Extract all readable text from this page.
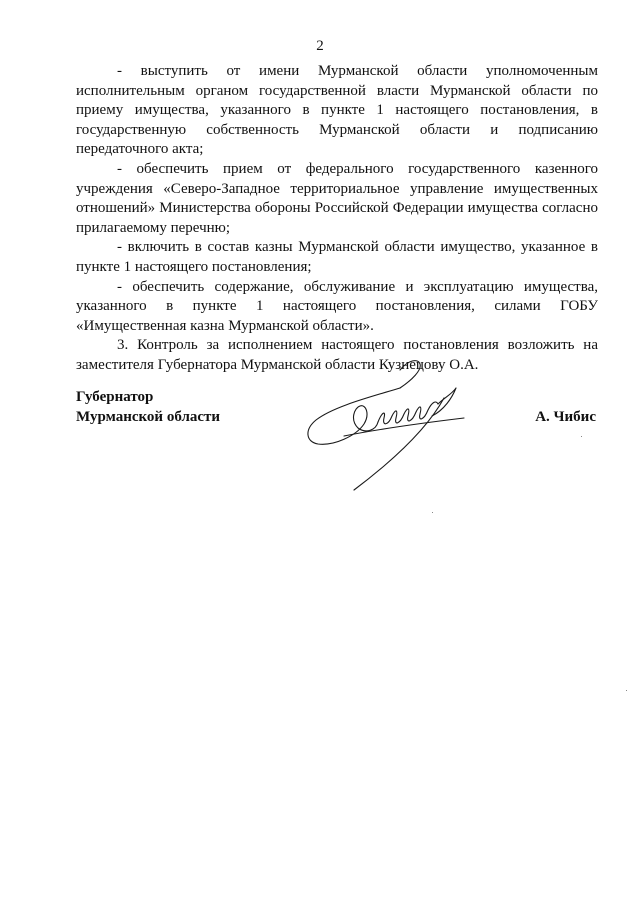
2

- выступить от имени Мурманской области уполномоченным исполнительным органом государственной власти Мурманской области по приему имущества, указанного в пункте 1 настоящего постановления, в государственную собственность Мурманской области и подписанию передаточного акта;

- обеспечить прием от федерального государственного казенного учреждения «Северо-Западное территориальное управление имущественных отношений» Министерства обороны Российской Федерации имущества согласно прилагаемому перечню;

- включить в состав казны Мурманской области имущество, указанное в пункте 1 настоящего постановления;

- обеспечить содержание, обслуживание и эксплуатацию имущества, указанного в пункте 1 настоящего постановления, силами ГОБУ «Имущественная казна Мурманской области».

3. Контроль за исполнением настоящего постановления возложить на заместителя Губернатора Мурманской области Кузнецову О.А.

Губернатор
Мурманской области	А. Чибис
